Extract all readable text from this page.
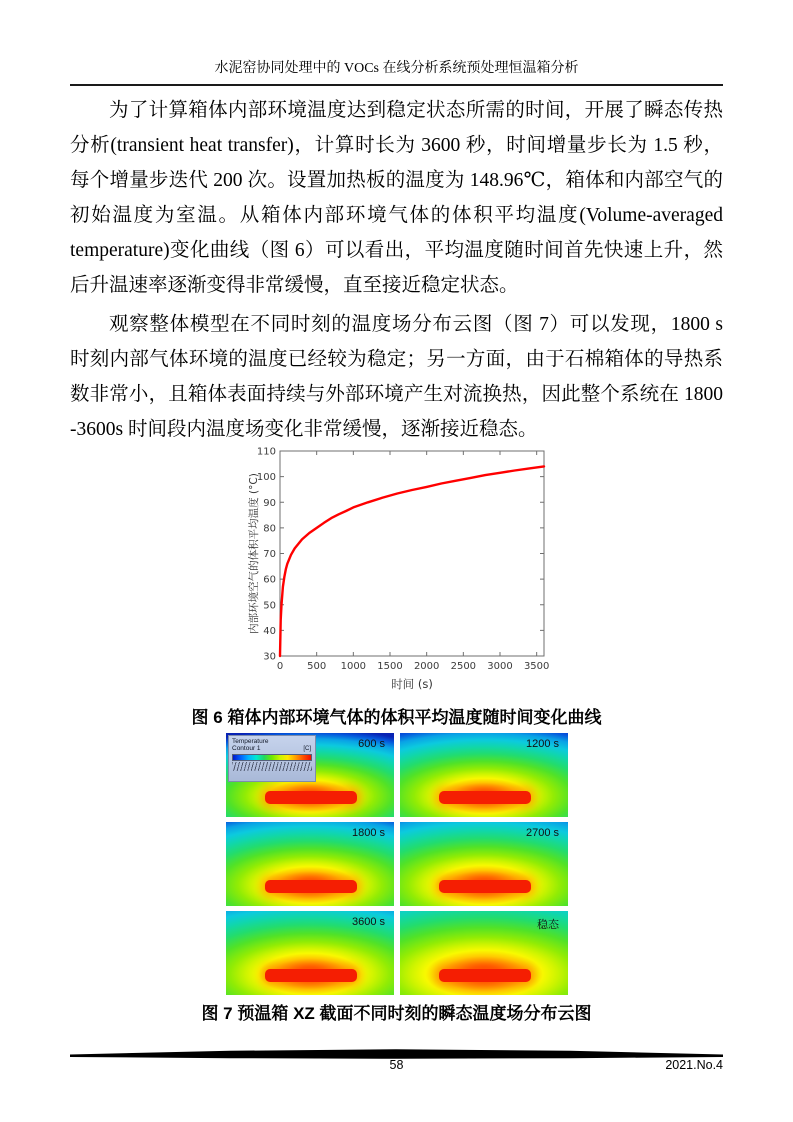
水泥窑协同处理中的 VOCs 在线分析系统预处理恒温箱分析

为了计算箱体内部环境温度达到稳定状态所需的时间，开展了瞬态传热分析(transient heat transfer)，计算时长为 3600 秒，时间增量步长为 1.5 秒，每个增量步迭代 200 次。设置加热板的温度为 148.96℃，箱体和内部空气的初始温度为室温。从箱体内部环境气体的体积平均温度(Volume-averaged temperature)变化曲线（图 6）可以看出，平均温度随时间首先快速上升，然后升温速率逐渐变得非常缓慢，直至接近稳定状态。

观察整体模型在不同时刻的温度场分布云图（图 7）可以发现，1800 s 时刻内部气体环境的温度已经较为稳定；另一方面，由于石棉箱体的导热系数非常小，且箱体表面持续与外部环境产生对流换热，因此整个系统在 1800 -3600s 时间段内温度场变化非常缓慢，逐渐接近稳态。

0 500 1000 1500 2000 2500 3000 3500
30
40
50
60
70
80
90
100
110
时间 (s)
内部环境空气的体积平均温度 (°C)
图 6 箱体内部环境气体的体积平均温度随时间变化曲线
Temperature
Contour 1	[C]	600 s	1200 s
1800 s	2700 s
3600 s	稳态
图 7 预温箱 XZ 截面不同时刻的瞬态温度场分布云图
58	2021.No.4
